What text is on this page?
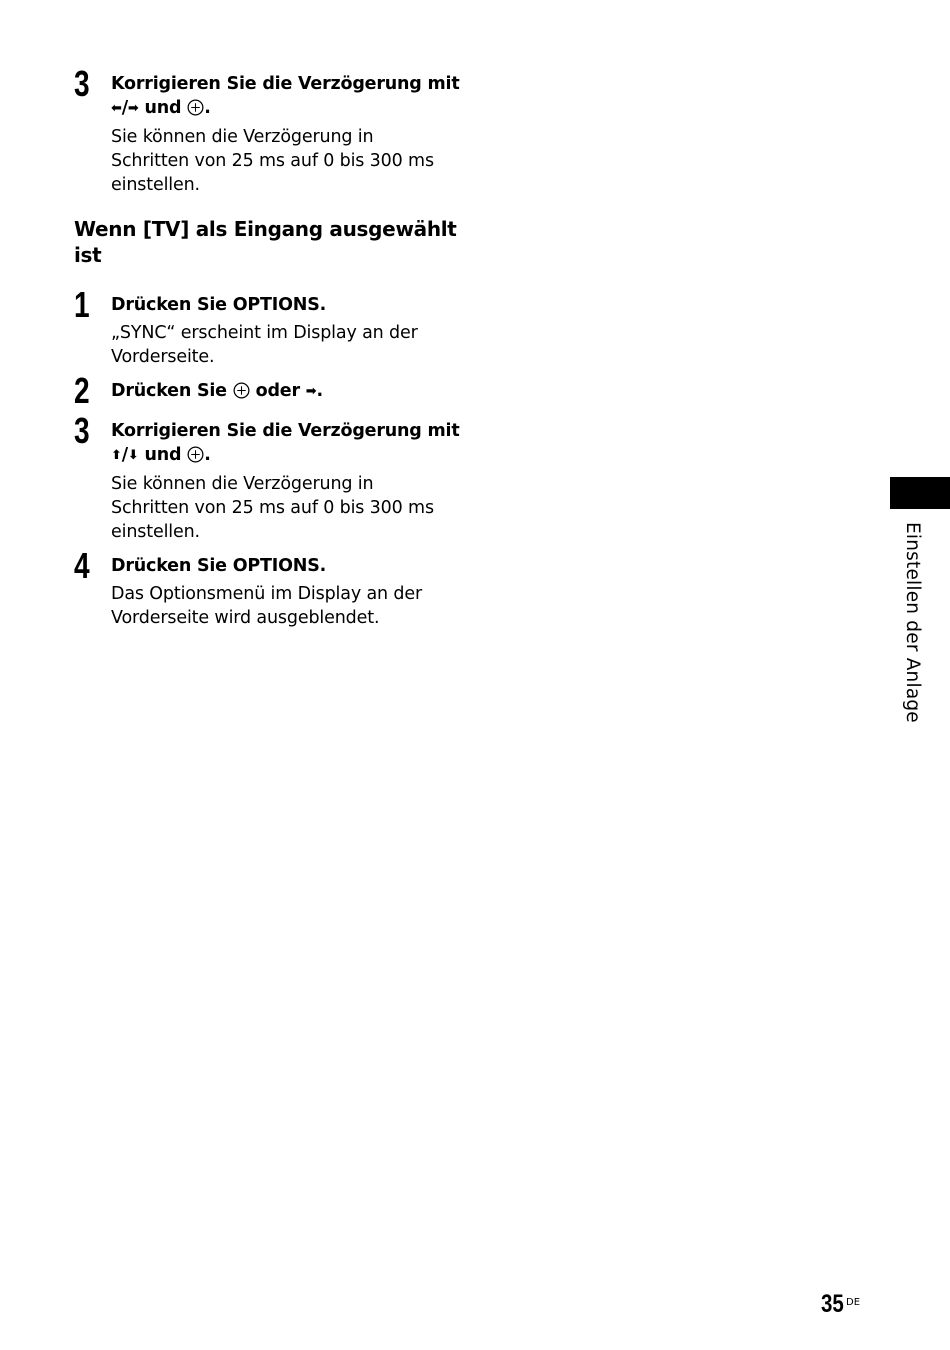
3 Korrigieren Sie die Verzögerung mit
⬅/➡ und .
Sie können die Verzögerung in
Schritten von 25 ms auf 0 bis 300 ms
einstellen.
Wenn [TV] als Eingang ausgewählt
ist
1 Drücken Sie OPTIONS.
„SYNC“ erscheint im Display an der
Vorderseite.
2 Drücken Sie  oder ➡.
3 Korrigieren Sie die Verzögerung mit
⬆/⬇ und .
Sie können die Verzögerung in
Schritten von 25 ms auf 0 bis 300 ms
einstellen.
4 Drücken Sie OPTIONS.
Das Optionsmenü im Display an der
Vorderseite wird ausgeblendet.	Einstellen der Anlage
35 DE
